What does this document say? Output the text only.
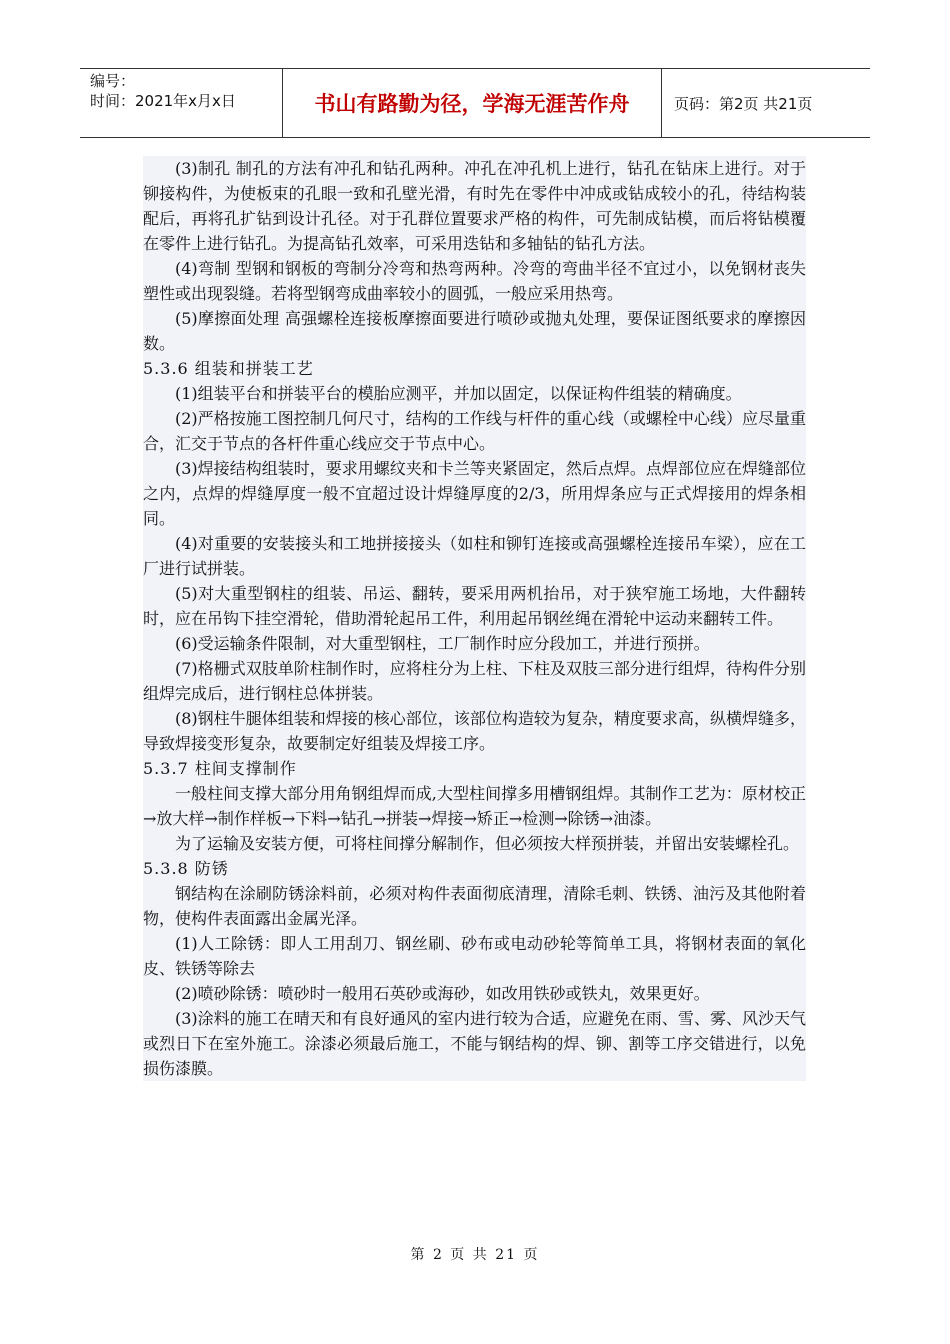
编号：
时间：2021年x月x日	书山有路勤为径，学海无涯苦作舟	页码：第2页 共21页

(3)制孔 制孔的方法有冲孔和钻孔两种。冲孔在冲孔机上进行，钻孔在钻床上进行。对于铆接构件，为使板束的孔眼一致和孔壁光滑，有时先在零件中冲成或钻成较小的孔，待结构装配后，再将孔扩钻到设计孔径。对于孔群位置要求严格的构件，可先制成钻模，而后将钻模覆在零件上进行钻孔。为提高钻孔效率，可采用迭钻和多轴钻的钻孔方法。

(4)弯制 型钢和钢板的弯制分冷弯和热弯两种。冷弯的弯曲半径不宜过小，以免钢材丧失塑性或出现裂缝。若将型钢弯成曲率较小的圆弧，一般应采用热弯。

(5)摩擦面处理 高强螺栓连接板摩擦面要进行喷砂或抛丸处理，要保证图纸要求的摩擦因数。

5.3.6 组装和拼装工艺

(1)组装平台和拼装平台的模胎应测平，并加以固定，以保证构件组装的精确度。

(2)严格按施工图控制几何尺寸，结构的工作线与杆件的重心线（或螺栓中心线）应尽量重合，汇交于节点的各杆件重心线应交于节点中心。

(3)焊接结构组装时，要求用螺纹夹和卡兰等夹紧固定，然后点焊。点焊部位应在焊缝部位之内，点焊的焊缝厚度一般不宜超过设计焊缝厚度的2/3，所用焊条应与正式焊接用的焊条相同。

(4)对重要的安装接头和工地拼接接头（如柱和铆钉连接或高强螺栓连接吊车梁），应在工厂进行试拼装。

(5)对大重型钢柱的组装、吊运、翻转，要采用两机抬吊，对于狭窄施工场地，大件翻转时，应在吊钩下挂空滑轮，借助滑轮起吊工件，利用起吊钢丝绳在滑轮中运动来翻转工件。

(6)受运输条件限制，对大重型钢柱，工厂制作时应分段加工，并进行预拼。

(7)格栅式双肢单阶柱制作时，应将柱分为上柱、下柱及双肢三部分进行组焊，待构件分别组焊完成后，进行钢柱总体拼装。

(8)钢柱牛腿体组装和焊接的核心部位，该部位构造较为复杂，精度要求高，纵横焊缝多，导致焊接变形复杂，故要制定好组装及焊接工序。

5.3.7 柱间支撑制作

一般柱间支撑大部分用角钢组焊而成,大型柱间撑多用槽钢组焊。其制作工艺为：原材校正→放大样→制作样板→下料→钻孔→拼装→焊接→矫正→检测→除锈→油漆。

为了运输及安装方便，可将柱间撑分解制作，但必须按大样预拼装，并留出安装螺栓孔。

5.3.8 防锈

钢结构在涂刷防锈涂料前，必须对构件表面彻底清理，清除毛刺、铁锈、油污及其他附着物，使构件表面露出金属光泽。

(1)人工除锈：即人工用刮刀、钢丝刷、砂布或电动砂轮等简单工具，将钢材表面的氧化皮、铁锈等除去

(2)喷砂除锈：喷砂时一般用石英砂或海砂，如改用铁砂或铁丸，效果更好。

(3)涂料的施工在晴天和有良好通风的室内进行较为合适，应避免在雨、雪、雾、风沙天气或烈日下在室外施工。涂漆必须最后施工，不能与钢结构的焊、铆、割等工序交错进行，以免损伤漆膜。

第 2 页 共 21 页
